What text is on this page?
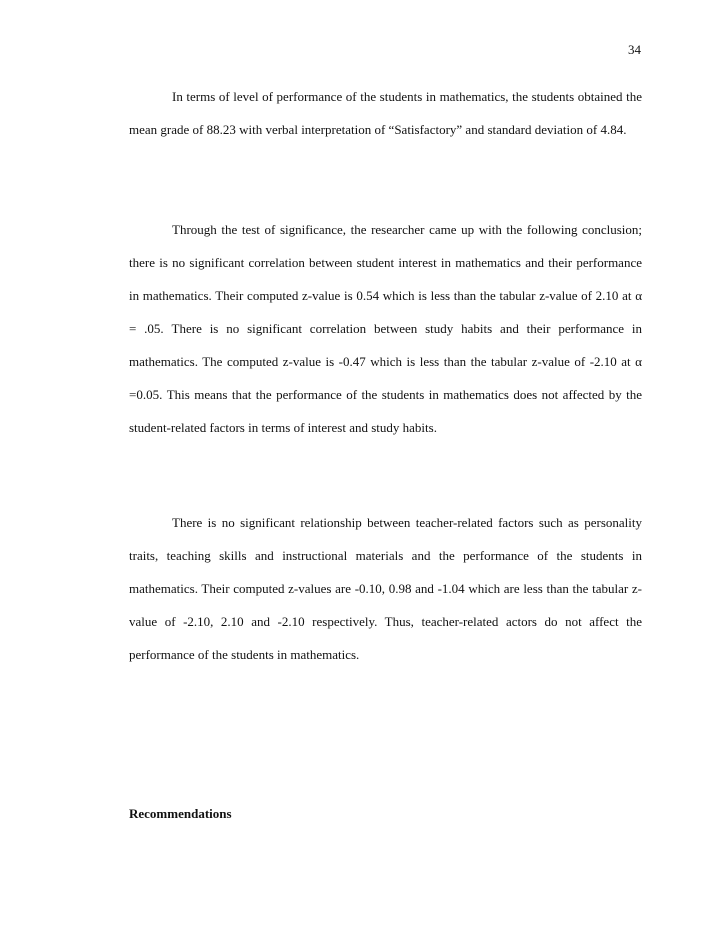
34

In terms of level of performance of the students in mathematics, the students obtained the mean grade of 88.23 with verbal interpretation of “Satisfactory” and standard deviation of 4.84.

Through the test of significance, the researcher came up with the following conclusion; there is no significant correlation between student interest in mathematics and their performance in mathematics. Their computed z-value is 0.54 which is less than the tabular z-value of 2.10 at α = .05. There is no significant correlation between study habits and their performance in mathematics. The computed z-value is -0.47 which is less than the tabular z-value of -2.10 at α =0.05. This means that the performance of the students in mathematics does not affected by the student-related factors in terms of interest and study habits.

There is no significant relationship between teacher-related factors such as personality traits, teaching skills and instructional materials and the performance of the students in mathematics. Their computed z-values are -0.10, 0.98 and -1.04 which are less than the tabular z-value of -2.10, 2.10 and -2.10 respectively. Thus, teacher-related actors do not affect the performance of the students in mathematics.

Recommendations
